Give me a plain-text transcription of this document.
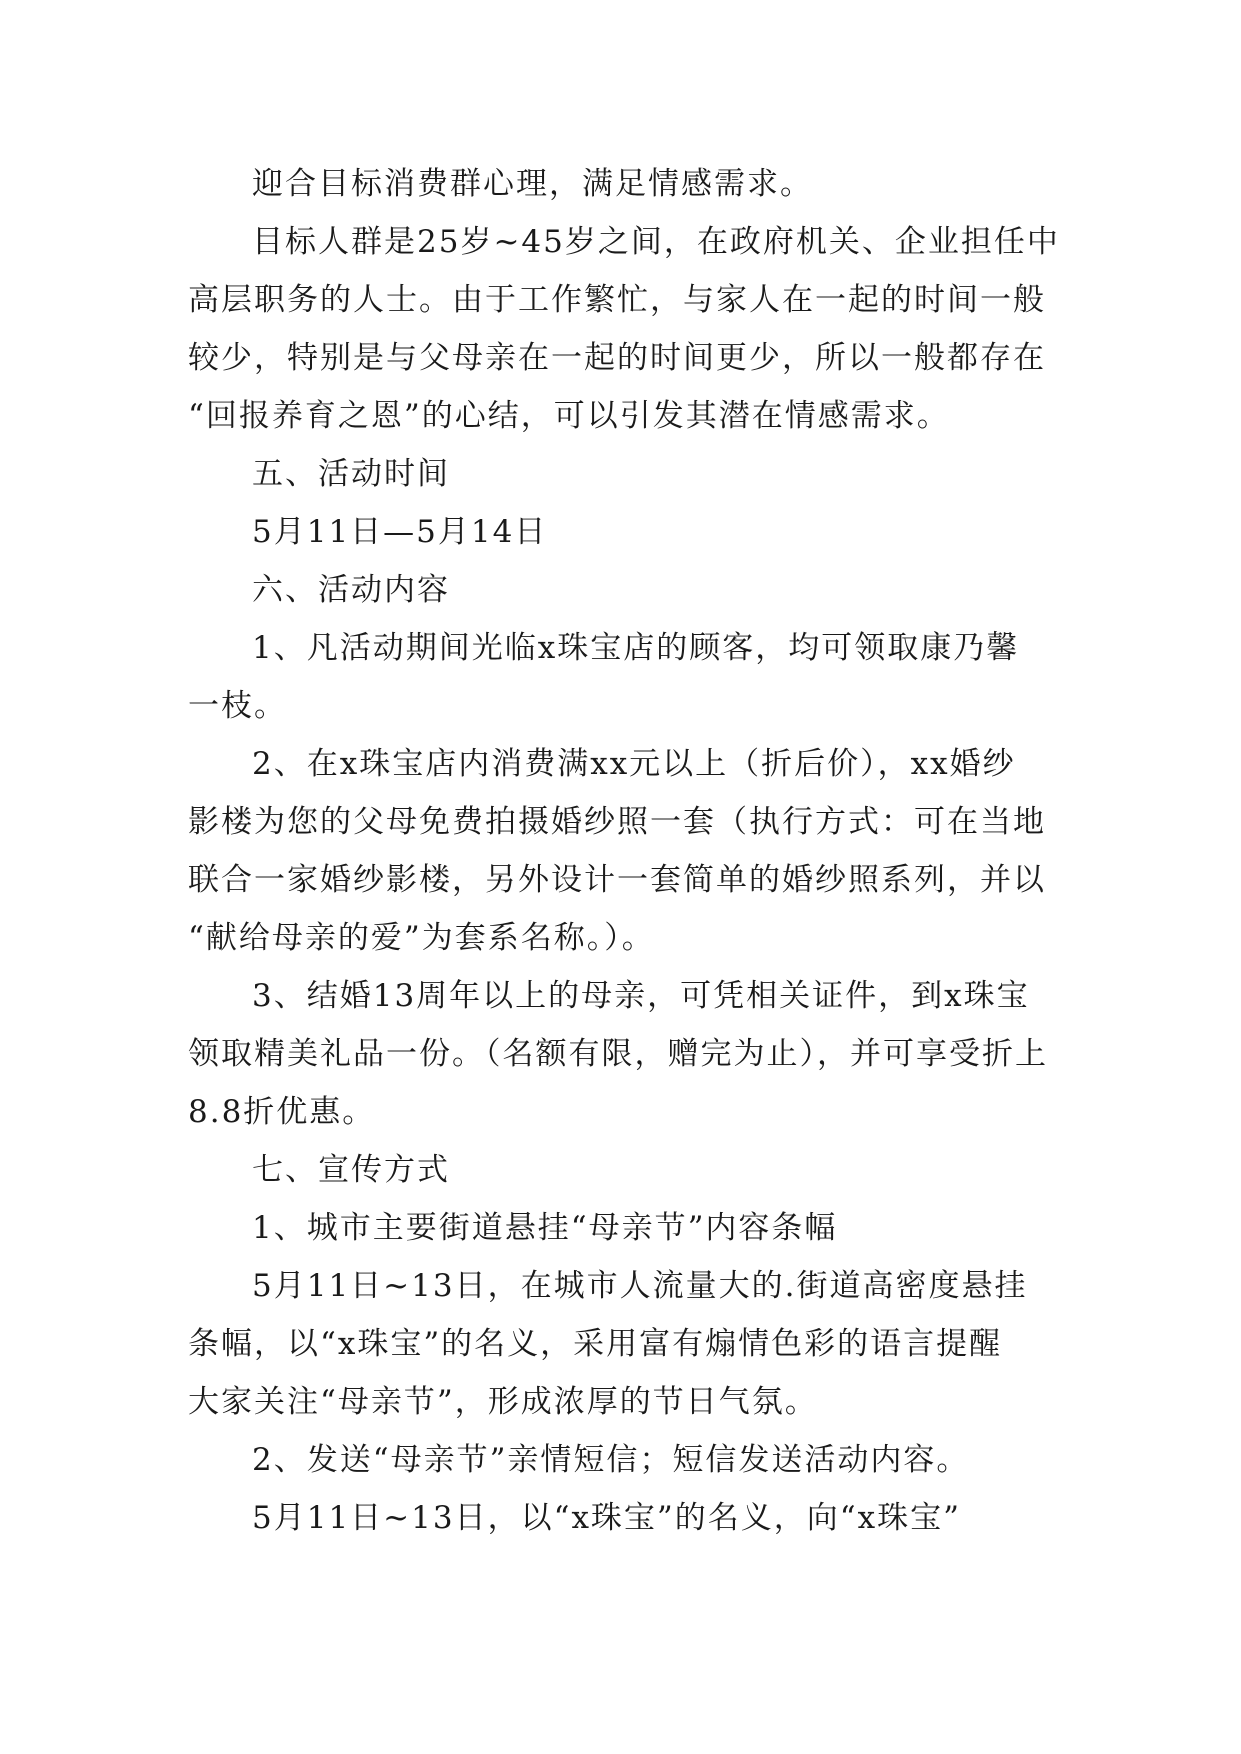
迎合目标消费群心理，满足情感需求。
目标人群是25岁~45岁之间，在政府机关、企业担任中
高层职务的人士。由于工作繁忙，与家人在一起的时间一般
较少，特别是与父母亲在一起的时间更少，所以一般都存在
“回报养育之恩”的心结，可以引发其潜在情感需求。
五、活动时间
5月11日—5月14日
六、活动内容
1、凡活动期间光临x珠宝店的顾客，均可领取康乃馨
一枝。
2、在x珠宝店内消费满xx元以上（折后价），xx婚纱
影楼为您的父母免费拍摄婚纱照一套（执行方式：可在当地
联合一家婚纱影楼，另外设计一套简单的婚纱照系列，并以
“献给母亲的爱”为套系名称。）。
3、结婚13周年以上的母亲，可凭相关证件，到x珠宝
领取精美礼品一份。（名额有限，赠完为止），并可享受折上
8.8折优惠。
七、宣传方式
1、城市主要街道悬挂“母亲节”内容条幅
5月11日~13日，在城市人流量大的.街道高密度悬挂
条幅，以“x珠宝”的名义，采用富有煽情色彩的语言提醒
大家关注“母亲节”，形成浓厚的节日气氛。
2、发送“母亲节”亲情短信；短信发送活动内容。
5月11日~13日，以“x珠宝”的名义，向“x珠宝”
